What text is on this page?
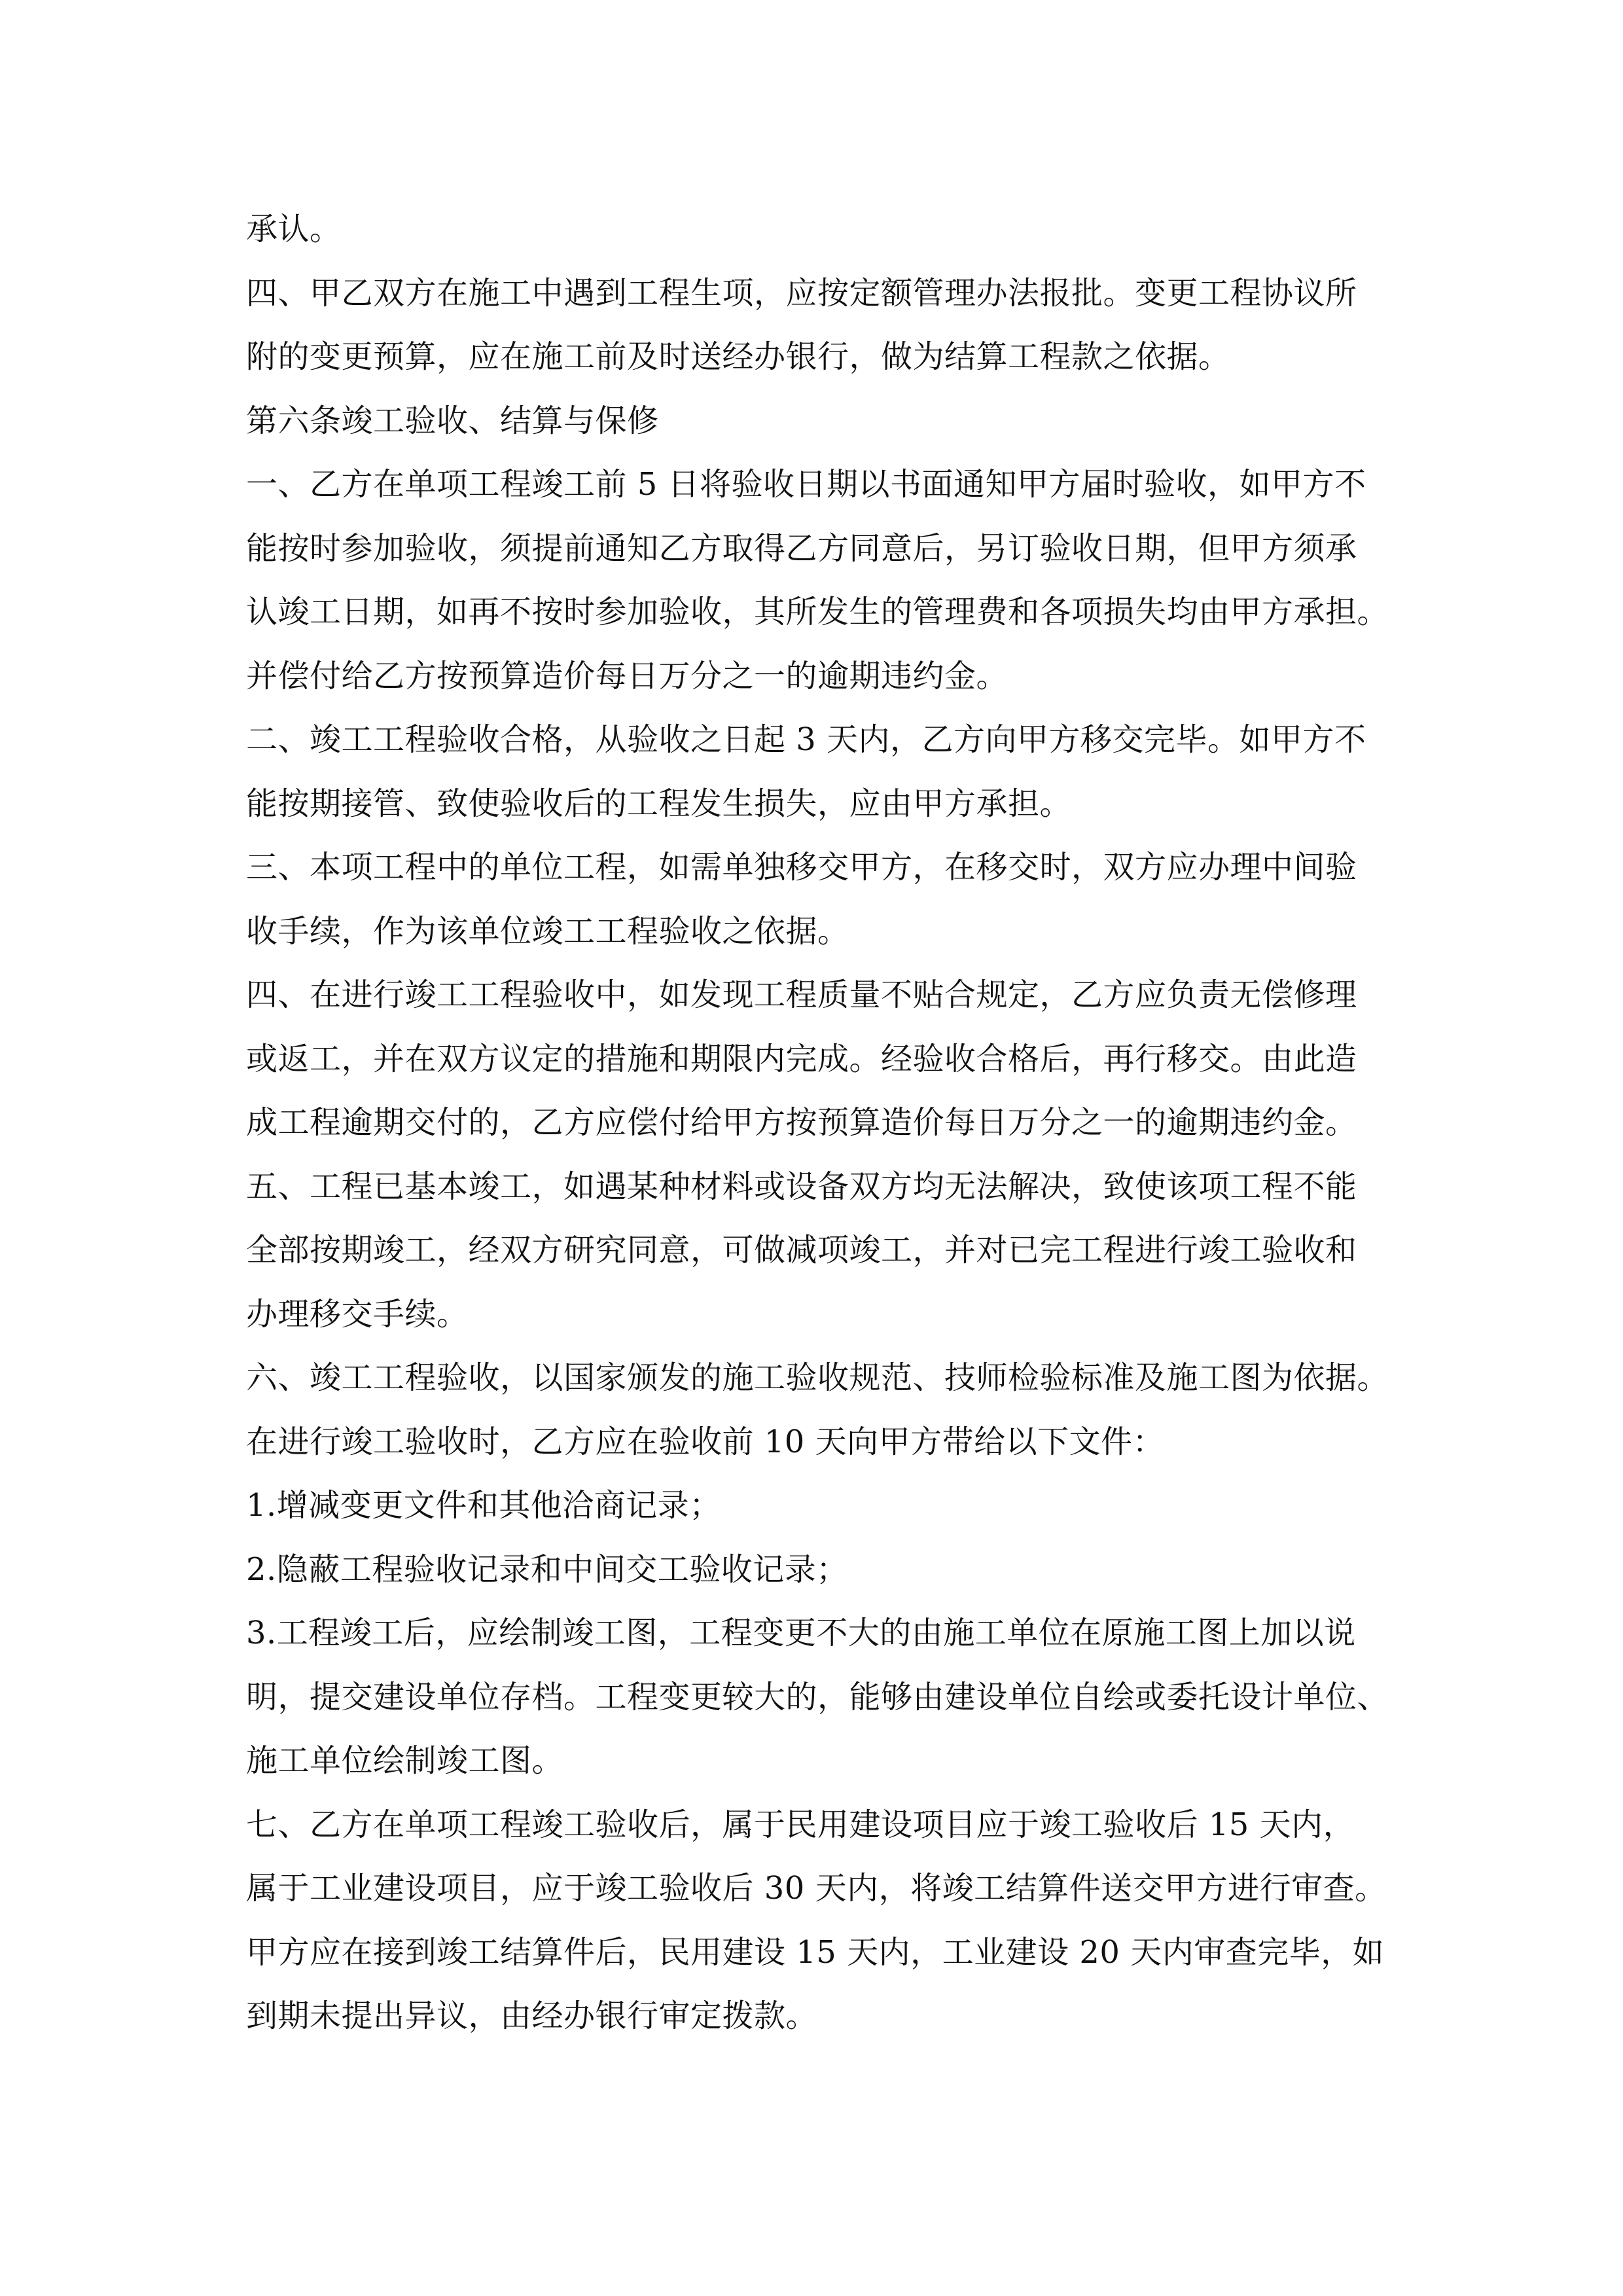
承认。
四、甲乙双方在施工中遇到工程生项，应按定额管理办法报批。变更工程协议所
附的变更预算，应在施工前及时送经办银行，做为结算工程款之依据。
第六条竣工验收、结算与保修
一、乙方在单项工程竣工前 5 日将验收日期以书面通知甲方届时验收，如甲方不
能按时参加验收，须提前通知乙方取得乙方同意后，另订验收日期，但甲方须承
认竣工日期，如再不按时参加验收，其所发生的管理费和各项损失均由甲方承担。
并偿付给乙方按预算造价每日万分之一的逾期违约金。
二、竣工工程验收合格，从验收之日起 3 天内，乙方向甲方移交完毕。如甲方不
能按期接管、致使验收后的工程发生损失，应由甲方承担。
三、本项工程中的单位工程，如需单独移交甲方，在移交时，双方应办理中间验
收手续，作为该单位竣工工程验收之依据。
四、在进行竣工工程验收中，如发现工程质量不贴合规定，乙方应负责无偿修理
或返工，并在双方议定的措施和期限内完成。经验收合格后，再行移交。由此造
成工程逾期交付的，乙方应偿付给甲方按预算造价每日万分之一的逾期违约金。
五、工程已基本竣工，如遇某种材料或设备双方均无法解决，致使该项工程不能
全部按期竣工，经双方研究同意，可做减项竣工，并对已完工程进行竣工验收和
办理移交手续。
六、竣工工程验收，以国家颁发的施工验收规范、技师检验标准及施工图为依据。
在进行竣工验收时，乙方应在验收前 10 天向甲方带给以下文件：
1.增减变更文件和其他洽商记录；
2.隐蔽工程验收记录和中间交工验收记录；
3.工程竣工后，应绘制竣工图，工程变更不大的由施工单位在原施工图上加以说
明，提交建设单位存档。工程变更较大的，能够由建设单位自绘或委托设计单位、
施工单位绘制竣工图。
七、乙方在单项工程竣工验收后，属于民用建设项目应于竣工验收后 15 天内，
属于工业建设项目，应于竣工验收后 30 天内，将竣工结算件送交甲方进行审查。
甲方应在接到竣工结算件后，民用建设 15 天内，工业建设 20 天内审查完毕，如
到期未提出异议，由经办银行审定拨款。
